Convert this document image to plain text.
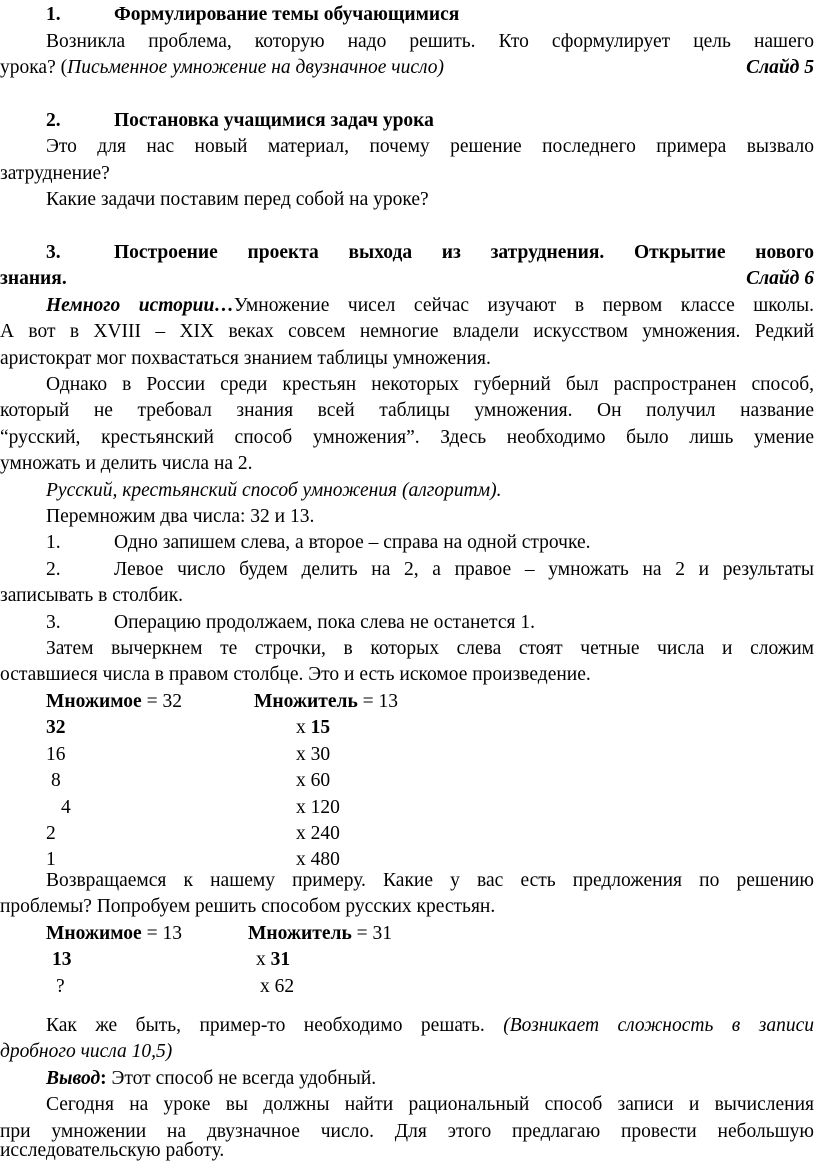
1.	Формулирование темы обучающимися
Возникла проблема, которую надо решить. Кто сформулирует цель нашего
урока? (Письменное умножение на двузначное число)	Слайд 5
2.	Постановка учащимися задач урока
Это для нас новый материал, почему решение последнего примера вызвало
затруднение?
Какие задачи поставим перед собой на уроке?
3.	Построение проекта выхода из затруднения. Открытие нового
знания.	Слайд 6
Немного истории…Умножение чисел сейчас изучают в первом классе школы.
А вот в XVIII – XIX веках совсем немногие владели искусством умножения. Редкий
аристократ мог похвастаться знанием таблицы умножения.
Однако в России среди крестьян некоторых губерний был распространен способ,
который не требовал знания всей таблицы умножения. Он получил название
“русский, крестьянский способ умножения”. Здесь необходимо было лишь умение
умножать и делить числа на 2.
Русский, крестьянский способ умножения (алгоритм).
Перемножим два числа: 32 и 13.
1.	Одно запишем слева, а второе – справа на одной строчке.
2.	Левое число будем делить на 2, а правое – умножать на 2 и результаты
записывать в столбик.
3.	Операцию продолжаем, пока слева не останется 1.
Затем вычеркнем те строчки, в которых слева стоят четные числа и сложим
оставшиеся числа в правом столбце. Это и есть искомое произведение.
Множимое = 32	Множитель = 13
32	х 15
16	х 30
8	х 60
4	х 120
2	х 240
1	х 480
Возвращаемся к нашему примеру. Какие у вас есть предложения по решению
проблемы? Попробуем решить способом русских крестьян.
Множимое = 13	Множитель = 31
13	х 31
?	х 62
Как же быть, пример-то необходимо решать. (Возникает сложность в записи
дробного числа 10,5)
Вывод: Этот способ не всегда удобный.
Сегодня на уроке вы должны найти рациональный способ записи и вычисления
при умножении на двузначное число. Для этого предлагаю провести небольшую
исследовательскую работу.
